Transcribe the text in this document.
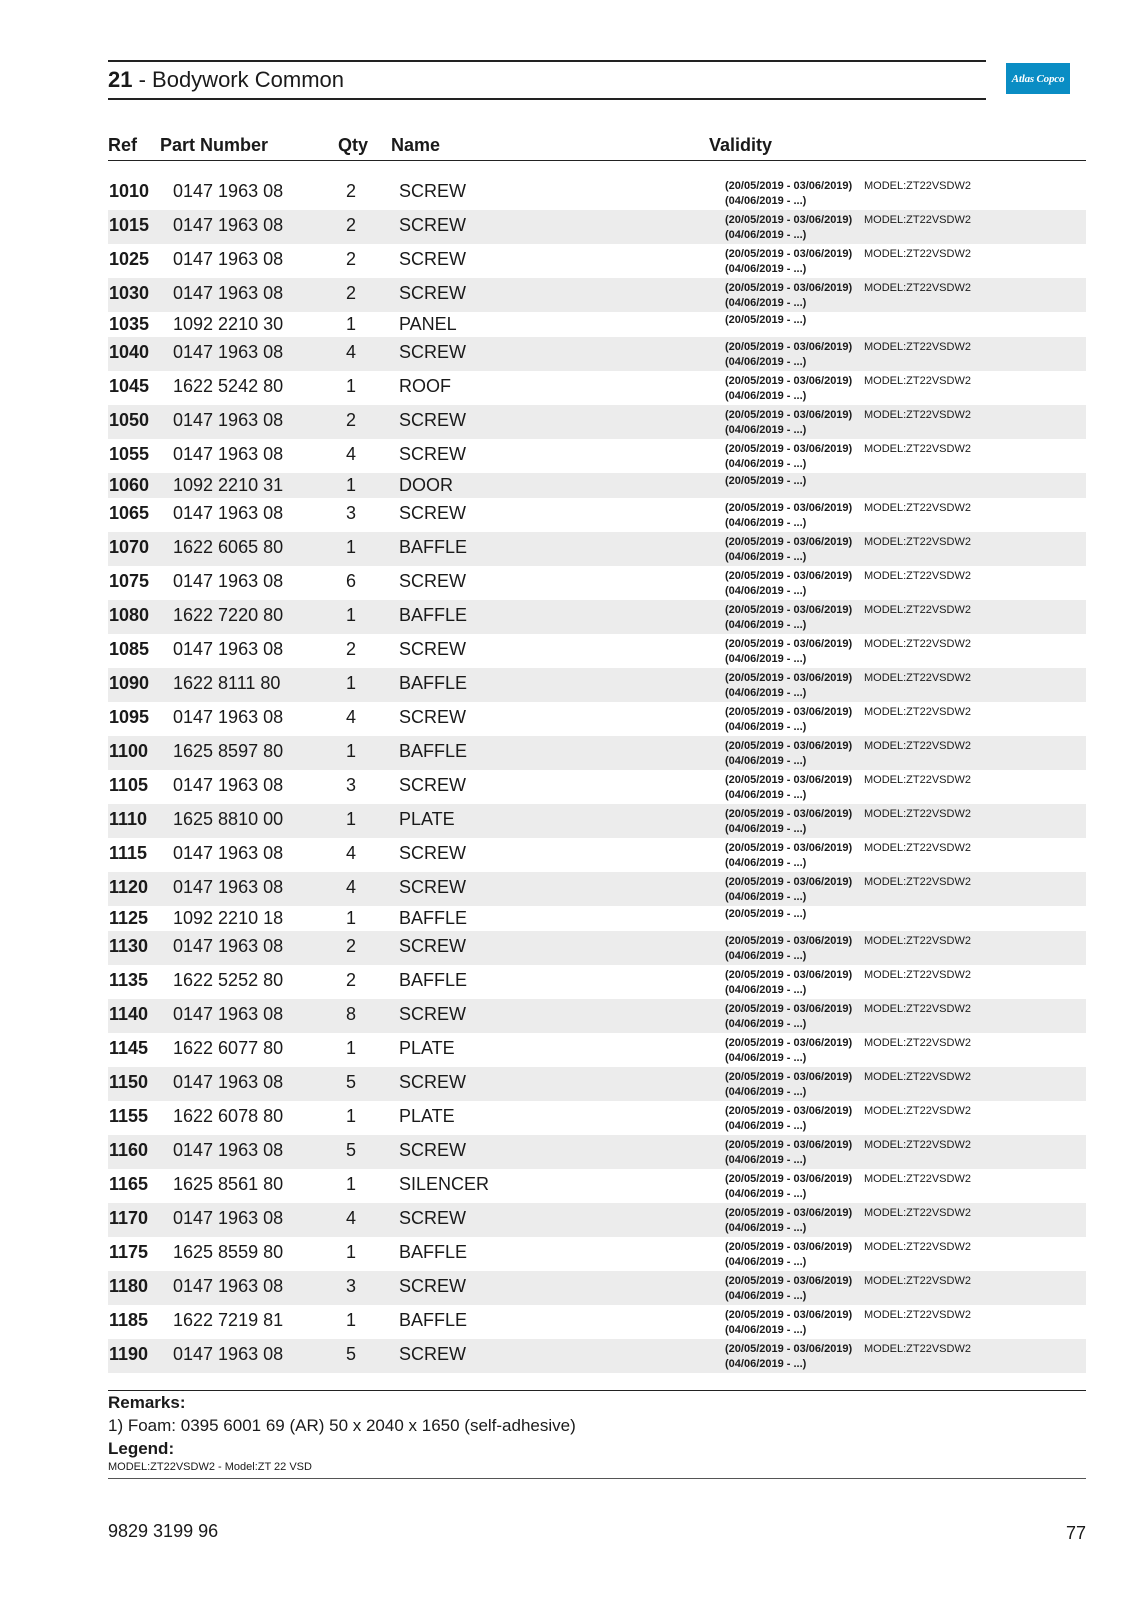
21 - Bodywork Common	Atlas Copco
Ref Part Number	Qty Name	Validity
1010 0147 1963 08	2 SCREW	(20/05/2019 - 03/06/2019) MODEL:ZT22VSDW2
(04/06/2019 - ...)
1015 0147 1963 08	2 SCREW	(20/05/2019 - 03/06/2019) MODEL:ZT22VSDW2
(04/06/2019 - ...)
1025 0147 1963 08	2 SCREW	(20/05/2019 - 03/06/2019) MODEL:ZT22VSDW2
(04/06/2019 - ...)
1030 0147 1963 08	2 SCREW	(20/05/2019 - 03/06/2019) MODEL:ZT22VSDW2
(04/06/2019 - ...)
1035 1092 2210 30	1 PANEL	(20/05/2019 - ...)
1040 0147 1963 08	4 SCREW	(20/05/2019 - 03/06/2019) MODEL:ZT22VSDW2
(04/06/2019 - ...)
1045 1622 5242 80	1 ROOF	(20/05/2019 - 03/06/2019) MODEL:ZT22VSDW2
(04/06/2019 - ...)
1050 0147 1963 08	2 SCREW	(20/05/2019 - 03/06/2019) MODEL:ZT22VSDW2
(04/06/2019 - ...)
1055 0147 1963 08	4 SCREW	(20/05/2019 - 03/06/2019) MODEL:ZT22VSDW2
(04/06/2019 - ...)
1060 1092 2210 31	1 DOOR	(20/05/2019 - ...)
1065 0147 1963 08	3 SCREW	(20/05/2019 - 03/06/2019) MODEL:ZT22VSDW2
(04/06/2019 - ...)
1070 1622 6065 80	1 BAFFLE	(20/05/2019 - 03/06/2019) MODEL:ZT22VSDW2
(04/06/2019 - ...)
1075 0147 1963 08	6 SCREW	(20/05/2019 - 03/06/2019) MODEL:ZT22VSDW2
(04/06/2019 - ...)
1080 1622 7220 80	1 BAFFLE	(20/05/2019 - 03/06/2019) MODEL:ZT22VSDW2
(04/06/2019 - ...)
1085 0147 1963 08	2 SCREW	(20/05/2019 - 03/06/2019) MODEL:ZT22VSDW2
(04/06/2019 - ...)
1090 1622 8111 80	1 BAFFLE	(20/05/2019 - 03/06/2019) MODEL:ZT22VSDW2
(04/06/2019 - ...)
1095 0147 1963 08	4 SCREW	(20/05/2019 - 03/06/2019) MODEL:ZT22VSDW2
(04/06/2019 - ...)
1100 1625 8597 80	1 BAFFLE	(20/05/2019 - 03/06/2019) MODEL:ZT22VSDW2
(04/06/2019 - ...)
1105 0147 1963 08	3 SCREW	(20/05/2019 - 03/06/2019) MODEL:ZT22VSDW2
(04/06/2019 - ...)
1110 1625 8810 00	1 PLATE	(20/05/2019 - 03/06/2019) MODEL:ZT22VSDW2
(04/06/2019 - ...)
1115 0147 1963 08	4 SCREW	(20/05/2019 - 03/06/2019) MODEL:ZT22VSDW2
(04/06/2019 - ...)
1120 0147 1963 08	4 SCREW	(20/05/2019 - 03/06/2019) MODEL:ZT22VSDW2
(04/06/2019 - ...)
1125 1092 2210 18	1 BAFFLE	(20/05/2019 - ...)
1130 0147 1963 08	2 SCREW	(20/05/2019 - 03/06/2019) MODEL:ZT22VSDW2
(04/06/2019 - ...)
1135 1622 5252 80	2 BAFFLE	(20/05/2019 - 03/06/2019) MODEL:ZT22VSDW2
(04/06/2019 - ...)
1140 0147 1963 08	8 SCREW	(20/05/2019 - 03/06/2019) MODEL:ZT22VSDW2
(04/06/2019 - ...)
1145 1622 6077 80	1 PLATE	(20/05/2019 - 03/06/2019) MODEL:ZT22VSDW2
(04/06/2019 - ...)
1150 0147 1963 08	5 SCREW	(20/05/2019 - 03/06/2019) MODEL:ZT22VSDW2
(04/06/2019 - ...)
1155 1622 6078 80	1 PLATE	(20/05/2019 - 03/06/2019) MODEL:ZT22VSDW2
(04/06/2019 - ...)
1160 0147 1963 08	5 SCREW	(20/05/2019 - 03/06/2019) MODEL:ZT22VSDW2
(04/06/2019 - ...)
1165 1625 8561 80	1 SILENCER	(20/05/2019 - 03/06/2019) MODEL:ZT22VSDW2
(04/06/2019 - ...)
1170 0147 1963 08	4 SCREW	(20/05/2019 - 03/06/2019) MODEL:ZT22VSDW2
(04/06/2019 - ...)
1175 1625 8559 80	1 BAFFLE	(20/05/2019 - 03/06/2019) MODEL:ZT22VSDW2
(04/06/2019 - ...)
1180 0147 1963 08	3 SCREW	(20/05/2019 - 03/06/2019) MODEL:ZT22VSDW2
(04/06/2019 - ...)
1185 1622 7219 81	1 BAFFLE	(20/05/2019 - 03/06/2019) MODEL:ZT22VSDW2
(04/06/2019 - ...)
1190 0147 1963 08	5 SCREW	(20/05/2019 - 03/06/2019) MODEL:ZT22VSDW2
(04/06/2019 - ...)
Remarks:
1) Foam: 0395 6001 69 (AR) 50 x 2040 x 1650 (self-adhesive)
Legend:
MODEL:ZT22VSDW2 - Model:ZT 22 VSD
9829 3199 96	77
